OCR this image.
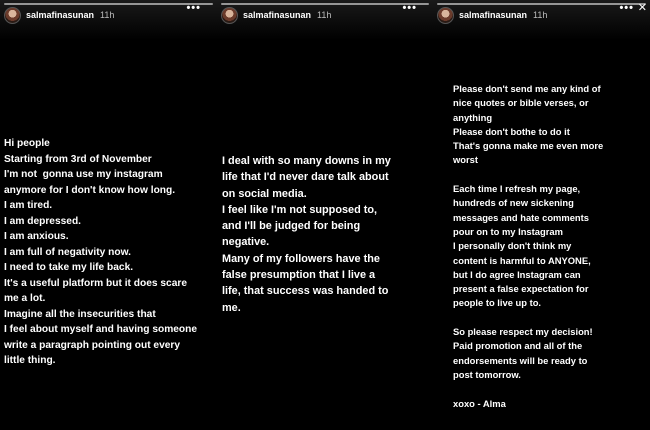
salmafinasunan 11h
•••
salmafinasunan 11h
•••
salmafinasunan 11h
••• ✕
Hi people
Starting from 3rd of November
I'm not  gonna use my instagram
anymore for I don't know how long.
I am tired.
I am depressed.
I am anxious.
I am full of negativity now.
I need to take my life back.
It's a useful platform but it does scare
me a lot.
Imagine all the insecurities that
I feel about myself and having someone
write a paragraph pointing out every
little thing.
I deal with so many downs in my
life that I'd never dare talk about
on social media.
I feel like I'm not supposed to,
and I'll be judged for being
negative.
Many of my followers have the
false presumption that I live a
life, that success was handed to
me.
Please don't send me any kind of
nice quotes or bible verses, or
anything
Please don't bothe to do it
That's gonna make me even more
worst
Each time I refresh my page,
hundreds of new sickening
messages and hate comments
pour on to my Instagram
I personally don't think my
content is harmful to ANYONE,
but I do agree Instagram can
present a false expectation for
people to live up to.
So please respect my decision!
Paid promotion and all of the
endorsements will be ready to
post tomorrow.
xoxo - Alma
